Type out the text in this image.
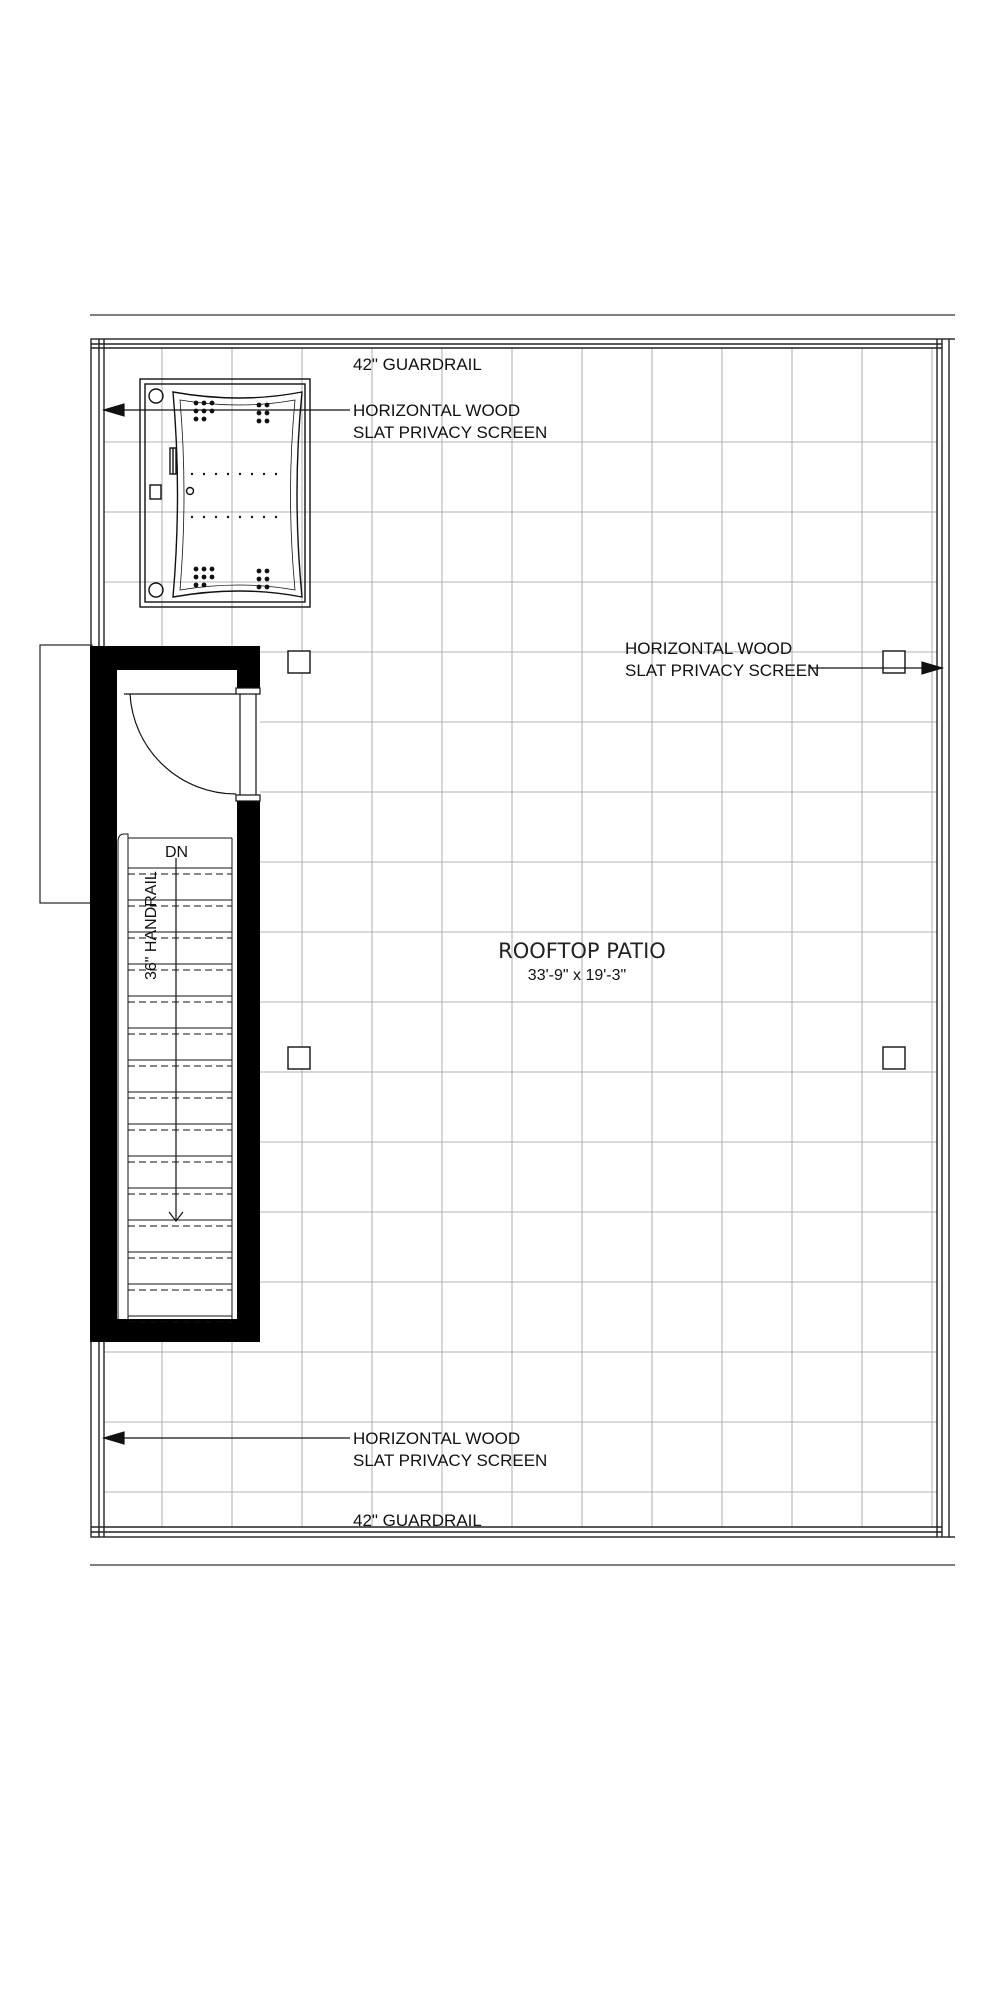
42" GUARDRAIL
HORIZONTAL WOOD
SLAT PRIVACY SCREEN
HORIZONTAL WOOD
SLAT PRIVACY SCREEN
ROOFTOP PATIO
33'-9" x 19'-3"
DN
36" HANDRAIL
HORIZONTAL WOOD
SLAT PRIVACY SCREEN
42" GUARDRAIL
